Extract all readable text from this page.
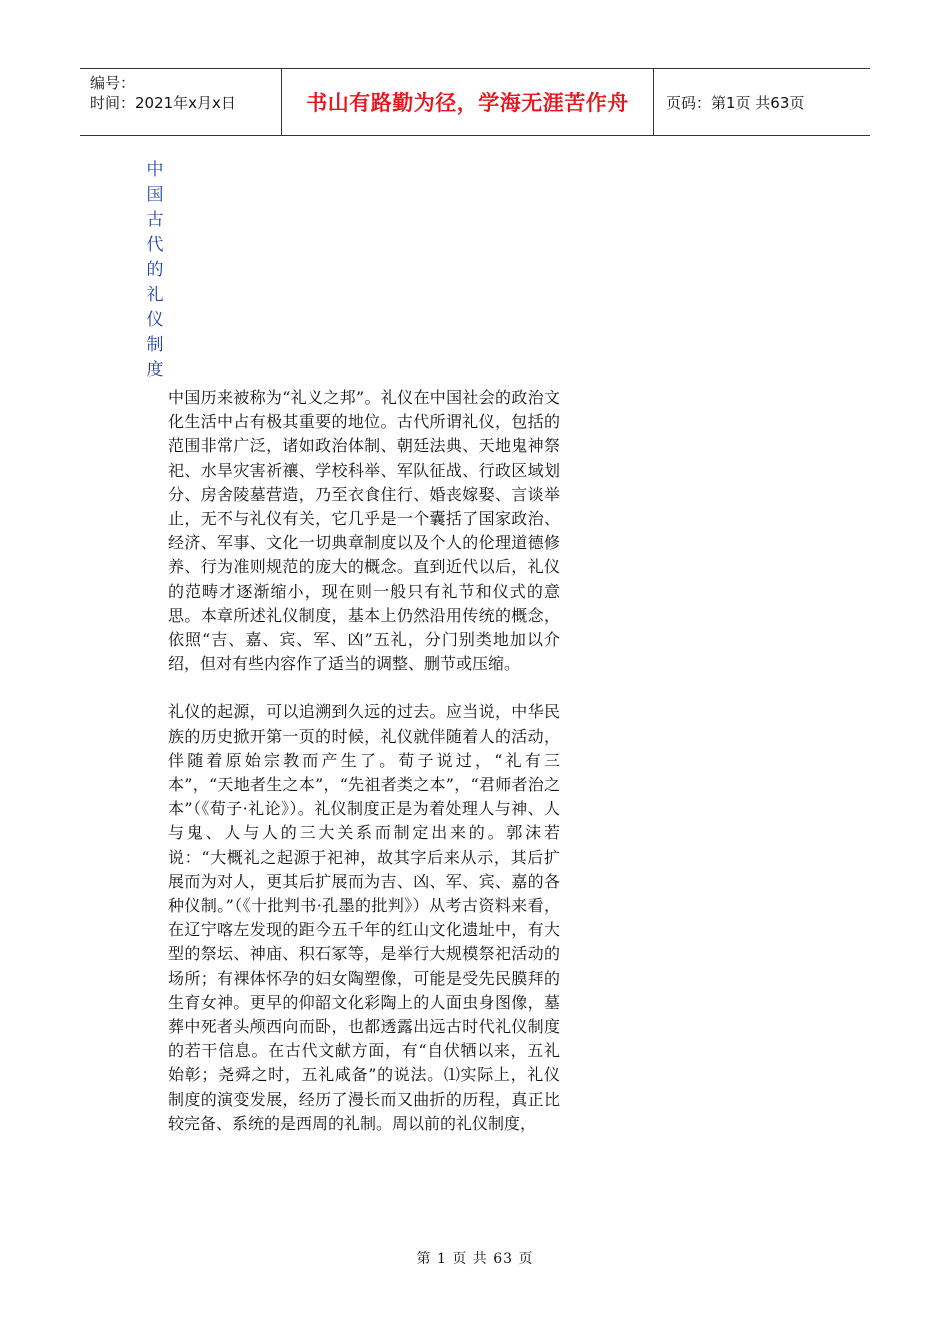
编号：
时间：2021年x月x日	书山有路勤为径，学海无涯苦作舟	页码：第1页 共63页
中
国
古
代
的
礼
仪
制
度

中国历来被称为“礼义之邦”。礼仪在中国社会的政治文化生活中占有极其重要的地位。古代所谓礼仪，包括的范围非常广泛，诸如政治体制、朝廷法典、天地鬼神祭祀、水旱灾害祈禳、学校科举、军队征战、行政区域划分、房舍陵墓营造，乃至衣食住行、婚丧嫁娶、言谈举止，无不与礼仪有关，它几乎是一个囊括了国家政治、经济、军事、文化一切典章制度以及个人的伦理道德修养、行为准则规范的庞大的概念。直到近代以后，礼仪的范畴才逐渐缩小，现在则一般只有礼节和仪式的意思。本章所述礼仪制度，基本上仍然沿用传统的概念，依照“吉、嘉、宾、军、凶”五礼，分门别类地加以介绍，但对有些内容作了适当的调整、删节或压缩。

礼仪的起源，可以追溯到久远的过去。应当说，中华民族的历史掀开第一页的时候，礼仪就伴随着人的活动，伴随着原始宗教而产生了。荀子说过，“礼有三本”，“天地者生之本”，“先祖者类之本”，“君师者治之本”（《荀子·礼论》）。礼仪制度正是为着处理人与神、人与鬼、人与人的三大关系而制定出来的。郭沫若说：“大概礼之起源于祀神，故其字后来从示，其后扩展而为对人，更其后扩展而为吉、凶、军、宾、嘉的各种仪制。”（《十批判书·孔墨的批判》）从考古资料来看，在辽宁喀左发现的距今五千年的红山文化遗址中，有大型的祭坛、神庙、积石冢等，是举行大规模祭祀活动的场所；有裸体怀孕的妇女陶塑像，可能是受先民膜拜的生育女神。更早的仰韶文化彩陶上的人面虫身图像，墓葬中死者头颅西向而卧，也都透露出远古时代礼仪制度的若干信息。在古代文献方面，有“自伏牺以来，五礼始彰；尧舜之时，五礼咸备”的说法。⑴实际上，礼仪制度的演变发展，经历了漫长而又曲折的历程，真正比较完备、系统的是西周的礼制。周以前的礼仪制度，

第 1 页 共 63 页
